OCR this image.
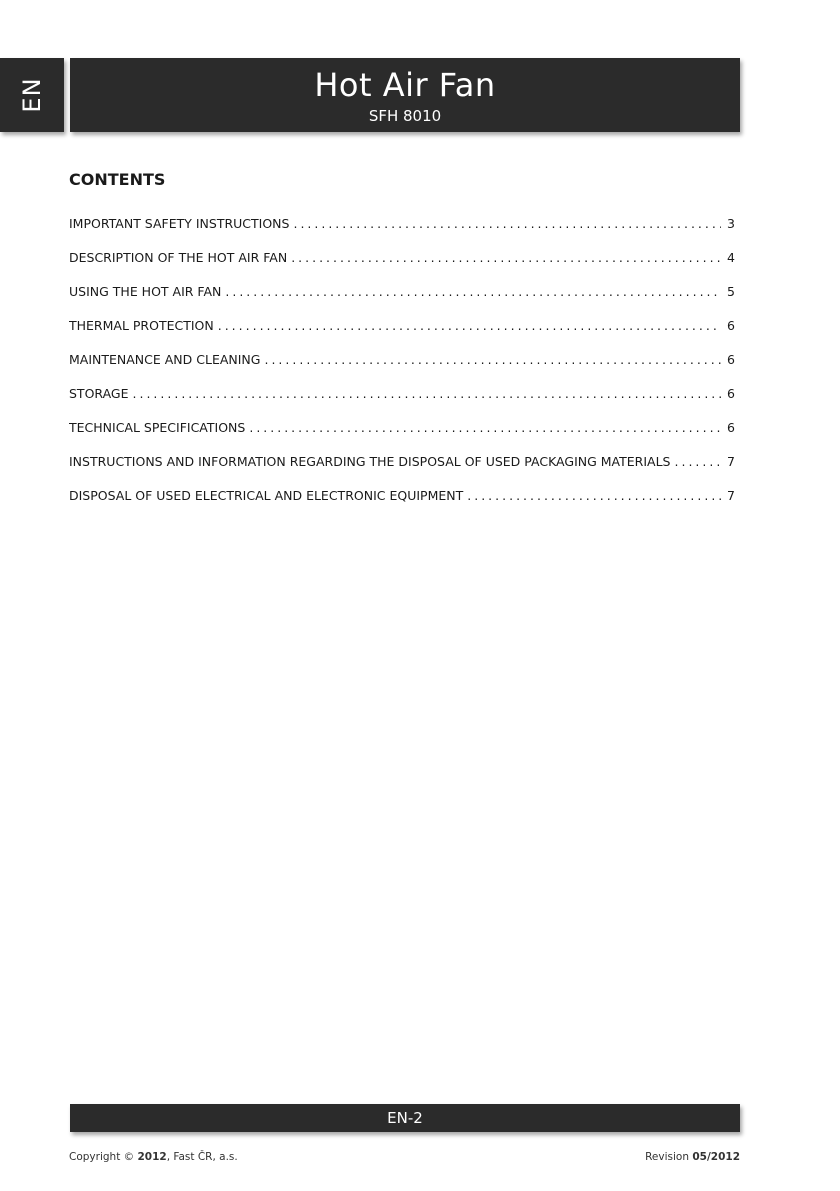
EN	Hot Air Fan
SFH 8010
CONTENTS
IMPORTANT SAFETY INSTRUCTIONS .....	3
DESCRIPTION OF THE HOT AIR FAN .....	4
USING THE HOT AIR FAN .....	5
THERMAL PROTECTION .....	6
MAINTENANCE AND CLEANING .....	6
STORAGE .....	6
TECHNICAL SPECIFICATIONS .....	6
INSTRUCTIONS AND INFORMATION REGARDING THE DISPOSAL OF USED PACKAGING MATERIALS .....	7
DISPOSAL OF USED ELECTRICAL AND ELECTRONIC EQUIPMENT .....	7
EN-2
Copyright © 2012, Fast ČR, a.s.	Revision 05/2012
